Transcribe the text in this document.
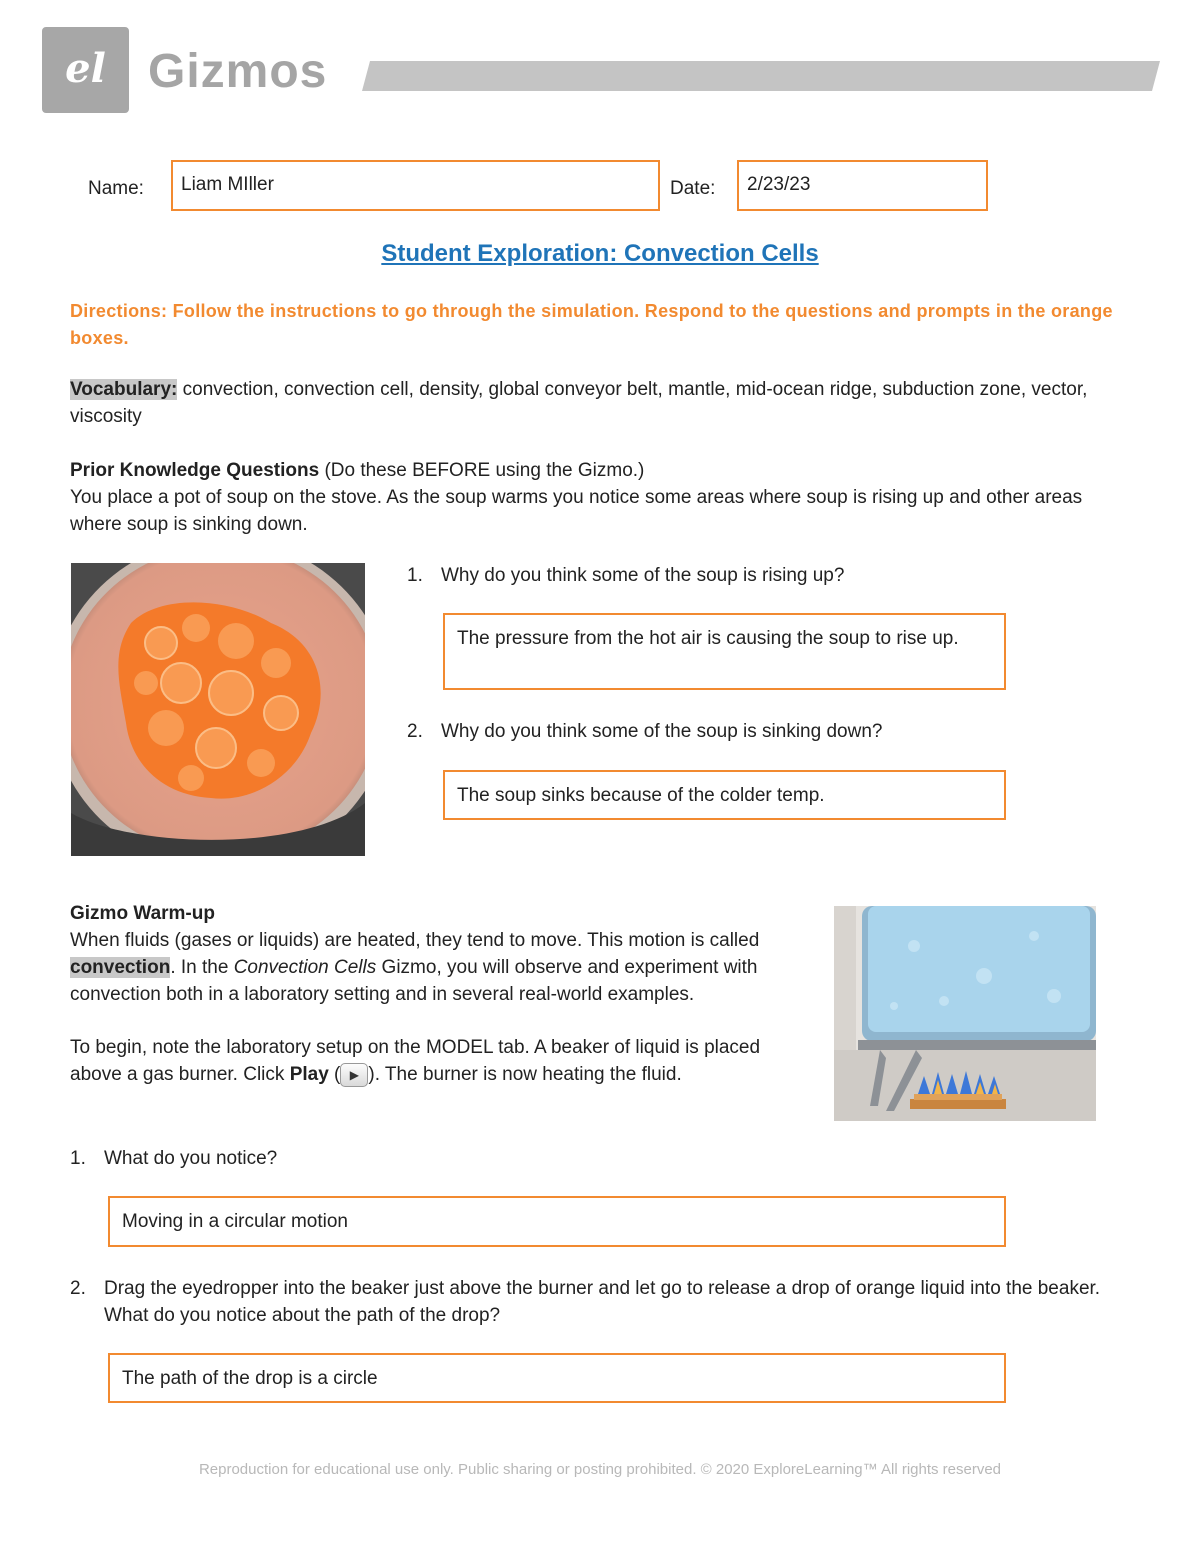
el Gizmos
Name:	Liam MIller	Date:	2/23/23
Student Exploration: Convection Cells
Directions: Follow the instructions to go through the simulation. Respond to the questions and prompts in the orange boxes.
Vocabulary: convection, convection cell, density, global conveyor belt, mantle, mid-ocean ridge, subduction zone, vector, viscosity
Prior Knowledge Questions (Do these BEFORE using the Gizmo.)
You place a pot of soup on the stove. As the soup warms you notice some areas where soup is rising up and other areas where soup is sinking down.
1. Why do you think some of the soup is rising up?
The pressure from the hot air is causing the soup to rise up.
2. Why do you think some of the soup is sinking down?
The soup sinks because of the colder temp.
Gizmo Warm-up
When fluids (gases or liquids) are heated, they tend to move. This motion is called convection. In the Convection Cells Gizmo, you will observe and experiment with convection both in a laboratory setting and in several real-world examples.
To begin, note the laboratory setup on the MODEL tab. A beaker of liquid is placed above a gas burner. Click Play ( ▶ ). The burner is now heating the fluid.
1. What do you notice?
Moving in a circular motion
2. Drag the eyedropper into the beaker just above the burner and let go to release a drop of orange liquid into the beaker. What do you notice about the path of the drop?
The path of the drop is a circle
Reproduction for educational use only. Public sharing or posting prohibited. © 2020 ExploreLearning™ All rights reserved
